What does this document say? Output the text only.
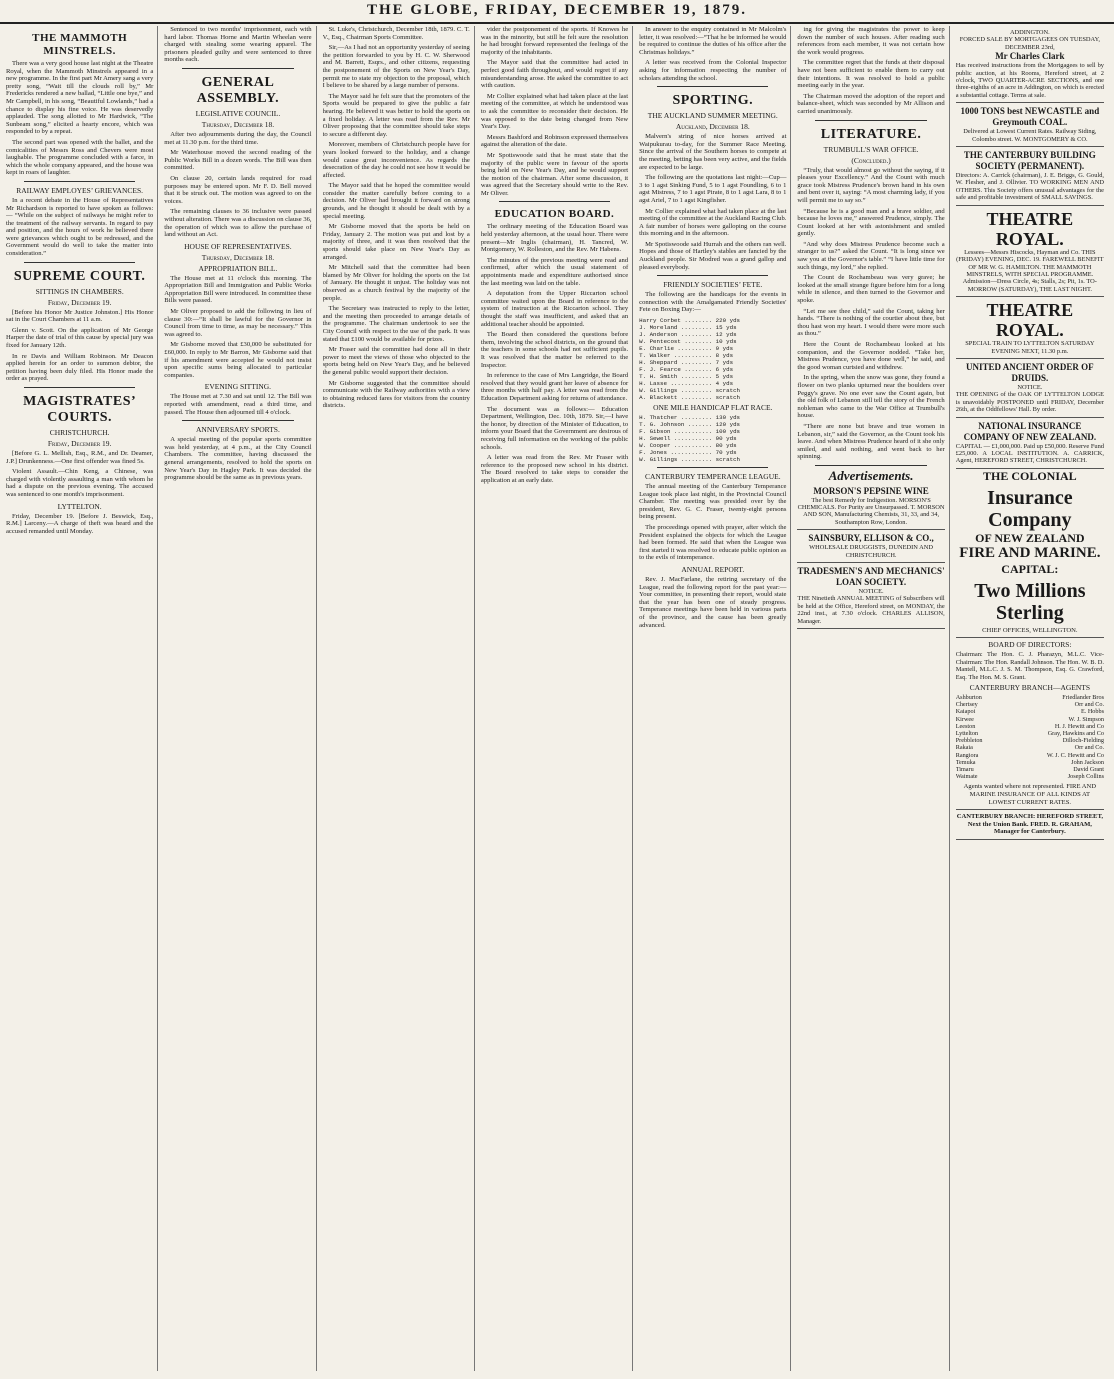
THE GLOBE, FRIDAY, DECEMBER 19, 1879.
THE MAMMOTH MINSTRELS.

There was a very good house last night at the Theatre Royal, when the Mammoth Minstrels appeared in a new programme. In the first part Mr Amery sang a very pretty song, “Wait till the clouds roll by,” Mr Fredericks rendered a new ballad, “Little one bye,” and Mr Campbell, in his song, “Beautiful Lowlands,” had a chance to display his fine voice. He was deservedly applauded. The song allotted to Mr Hardwick, “The Sunbeam song,” elicited a hearty encore, which was responded to by a repeat.

The second part was opened with the ballet, and the comicalities of Messrs Ross and Chevers were most laughable. The programme concluded with a farce, in which the whole company appeared, and the house was kept in roars of laughter.

RAILWAY EMPLOYES’ GRIEVANCES.

In a recent debate in the House of Representatives Mr Richardson is reported to have spoken as follows:— “While on the subject of railways he might refer to the treatment of the railway servants. In regard to pay and position, and the hours of work he believed there were grievances which ought to be redressed, and the Government would do well to take the matter into consideration.”

SUPREME COURT.
SITTINGS IN CHAMBERS.
Friday, December 19.

[Before his Honor Mr Justice Johnston.] His Honor sat in the Court Chambers at 11 a.m.

Glenn v. Scott. On the application of Mr George Harper the date of trial of this cause by special jury was fixed for January 12th.

In re Davis and William Robinson. Mr Deacon applied herein for an order to summon debtor, the petition having been duly filed. His Honor made the order as prayed.

MAGISTRATES’ COURTS.
CHRISTCHURCH.
Friday, December 19.

[Before G. L. Mellish, Esq., R.M., and Dr. Deamer, J.P.] Drunkenness.—One first offender was fined 5s.

Violent Assault.—Chin Keng, a Chinese, was charged with violently assaulting a man with whom he had a dispute on the previous evening. The accused was sentenced to one month's imprisonment.

LYTTELTON.

Friday, December 19. [Before J. Beswick, Esq., R.M.] Larceny.—A charge of theft was heard and the accused remanded until Monday.

Sentenced to two months' imprisonment, each with hard labor. Thomas Horne and Martin Wheelan were charged with stealing some wearing apparel. The prisoners pleaded guilty and were sentenced to three months each.

GENERAL ASSEMBLY.
LEGISLATIVE COUNCIL.
Thursday, December 18.

After two adjournments during the day, the Council met at 11.30 p.m. for the third time.

Mr Waterhouse moved the second reading of the Public Works Bill in a dozen words. The Bill was then committed.

On clause 20, certain lands required for road purposes may be entered upon. Mr F. D. Bell moved that it be struck out. The motion was agreed to on the voices.

The remaining clauses to 36 inclusive were passed without alteration. There was a discussion on clause 36, the operation of which was to allow the purchase of land without an Act.

HOUSE OF REPRESENTATIVES.
Thursday, December 18.
APPROPRIATION BILL.

The House met at 11 o'clock this morning. The Appropriation Bill and Immigration and Public Works Appropriation Bill were introduced. In committee these Bills were passed.

Mr Oliver proposed to add the following in lieu of clause 30:—“It shall be lawful for the Governor in Council from time to time, as may be necessary.” This was agreed to.

Mr Gisborne moved that £30,000 be substituted for £60,000. In reply to Mr Barron, Mr Gisborne said that if his amendment were accepted he would not insist upon specific sums being allocated to particular companies.

EVENING SITTING.

The House met at 7.30 and sat until 12. The Bill was reported with amendment, read a third time, and passed. The House then adjourned till 4 o'clock.

ANNIVERSARY SPORTS.

A special meeting of the popular sports committee was held yesterday, at 4 p.m., at the City Council Chambers. The committee, having discussed the general arrangements, resolved to hold the sports on New Year's Day in Hagley Park. It was decided the programme should be the same as in previous years.

St. Luke's, Christchurch, December 18th, 1879. C. T. V., Esq., Chairman Sports Committee.

Sir,—As I had not an opportunity yesterday of seeing the petition forwarded to you by H. C. W. Sherwood and M. Barrett, Esqrs., and other citizens, requesting the postponement of the Sports on New Year's Day, permit me to state my objection to the proposal, which I believe to be shared by a large number of persons.

The Mayor said he felt sure that the promoters of the Sports would be prepared to give the public a fair hearing. He believed it was better to hold the sports on a fixed holiday. A letter was read from the Rev. Mr Oliver proposing that the committee should take steps to secure a different day.

Moreover, members of Christchurch people have for years looked forward to the holiday, and a change would cause great inconvenience. As regards the desecration of the day he could not see how it would be affected.

The Mayor said that he hoped the committee would consider the matter carefully before coming to a decision. Mr Oliver had brought it forward on strong grounds, and he thought it should be dealt with by a special meeting.

Mr Gisborne moved that the sports be held on Friday, January 2. The motion was put and lost by a majority of three, and it was then resolved that the sports should take place on New Year's Day as arranged.

Mr Mitchell said that the committee had been blamed by Mr Oliver for holding the sports on the 1st of January. He thought it unjust. The holiday was not observed as a church festival by the majority of the people.

The Secretary was instructed to reply to the letter, and the meeting then proceeded to arrange details of the programme. The chairman undertook to see the City Council with respect to the use of the park. It was stated that £100 would be available for prizes.

Mr Fraser said the committee had done all in their power to meet the views of those who objected to the sports being held on New Year's Day, and he believed the general public would support their decision.

Mr Gisborne suggested that the committee should communicate with the Railway authorities with a view to obtaining reduced fares for visitors from the country districts.

vider the postponement of the sports. If Knowes he was in the minority, but still he felt sure the resolution he had brought forward represented the feelings of the majority of the inhabitants.

The Mayor said that the committee had acted in perfect good faith throughout, and would regret if any misunderstanding arose. He asked the committee to act with caution.

Mr Collier explained what had taken place at the last meeting of the committee, at which he understood was to ask the committee to reconsider their decision. He was opposed to the date being changed from New Year's Day.

Messrs Bashford and Robinson expressed themselves against the alteration of the date.

Mr Spotiswoode said that he must state that the majority of the public were in favour of the sports being held on New Year's Day, and he would support the motion of the chairman. After some discussion, it was agreed that the Secretary should write to the Rev. Mr Oliver.

EDUCATION BOARD.

The ordinary meeting of the Education Board was held yesterday afternoon, at the usual hour. There were present—Mr Inglis (chairman), H. Tancred, W. Montgomery, W. Rolleston, and the Rev. Mr Habens.

The minutes of the previous meeting were read and confirmed, after which the usual statement of appointments made and expenditure authorised since the last meeting was laid on the table.

A deputation from the Upper Riccarton school committee waited upon the Board in reference to the system of instruction at the Riccarton school. They thought the staff was insufficient, and asked that an additional teacher should be appointed.

The Board then considered the questions before them, involving the school districts, on the ground that the teachers in some schools had not sufficient pupils. It was resolved that the matter be referred to the Inspector.

In reference to the case of Mrs Langridge, the Board resolved that they would grant her leave of absence for three months with half pay. A letter was read from the Education Department asking for returns of attendance.

The document was as follows:— Education Department, Wellington, Dec. 10th, 1879. Sir,—I have the honor, by direction of the Minister of Education, to inform your Board that the Government are desirous of receiving full information on the working of the public schools.

A letter was read from the Rev. Mr Fraser with reference to the proposed new school in his district. The Board resolved to take steps to consider the application at an early date.

In answer to the enquiry contained in Mr Malcolm's letter, it was resolved:—“That he be informed he would be required to continue the duties of his office after the Christmas holidays.”

A letter was received from the Colonial Inspector asking for information respecting the number of scholars attending the school.

SPORTING.
THE AUCKLAND SUMMER MEETING.
Auckland, December 18.

Malvern's string of nice horses arrived at Waipukurau to-day, for the Summer Race Meeting. Since the arrival of the Southern horses to compete at the meeting, betting has been very active, and the fields are expected to be large.

The following are the quotations last night:—Cup—3 to 1 agst Sinking Fund, 5 to 1 agst Foundling, 6 to 1 agst Mistress, 7 to 1 agst Pirate, 8 to 1 agst Lara, 8 to 1 agst Ariel, 7 to 1 agst Kingfisher.

Mr Collier explained what had taken place at the last meeting of the committee at the Auckland Racing Club. A fair number of horses were galloping on the course this morning and in the afternoon.

Mr Spotiswoode said Hurrah and the others ran well. Hopes and those of Hartley's stables are fancied by the Auckland people. Sir Modred was a grand gallop and pleased everybody.

FRIENDLY SOCIETIES’ FETE.

The following are the handicaps for the events in connection with the Amalgamated Friendly Societies' Fete on Boxing Day:—

Harry Corbet ........ 220 yds
J. Moreland ......... 15 yds
J. Anderson ......... 12 yds
W. Pentecost ........ 10 yds
E. Charlie .......... 9 yds
T. Walker ........... 8 yds
H. Sheppard ......... 7 yds
F. J. Fearce ........ 6 yds
T. H. Smith ......... 5 yds
H. Lasse ............ 4 yds
W. Gillings ......... scratch
A. Blackett ......... scratch
ONE MILE HANDICAP FLAT RACE.
H. Thatcher ......... 130 yds
T. G. Johnson ....... 120 yds
F. Gibson ........... 100 yds
H. Sewell ........... 90 yds
W. Cooper ........... 80 yds
F. Jones ............ 70 yds
W. Gillings ......... scratch
CANTERBURY TEMPERANCE LEAGUE.

The annual meeting of the Canterbury Temperance League took place last night, in the Provincial Council Chamber. The meeting was presided over by the president, Rev. G. C. Fraser, twenty-eight persons being present.

The proceedings opened with prayer, after which the President explained the objects for which the League had been formed. He said that when the League was first started it was resolved to educate public opinion as to the evils of intemperance.

ANNUAL REPORT.

Rev. J. MacFarlane, the retiring secretary of the League, read the following report for the past year:— Your committee, in presenting their report, would state that the year has been one of steady progress. Temperance meetings have been held in various parts of the province, and the cause has been greatly advanced.

ing for giving the magistrates the power to keep down the number of such houses. After reading such references from each member, it was not certain how the work would progress.

The committee regret that the funds at their disposal have not been sufficient to enable them to carry out their intentions. It was resolved to hold a public meeting early in the year.

The Chairman moved the adoption of the report and balance-sheet, which was seconded by Mr Allison and carried unanimously.

LITERATURE.
TRUMBULL'S WAR OFFICE.
(Concluded.)

“Truly, that would almost go without the saying, if it pleases your Excellency.” And the Count with much grace took Mistress Prudence's brown hand in his own and bent over it, saying: “A most charming lady, if you will permit me to say so.”

“Because he is a good man and a brave soldier, and because he loves me,” answered Prudence, simply. The Count looked at her with astonishment and smiled gently.

“And why does Mistress Prudence become such a stranger to us?” asked the Count. “It is long since we saw you at the Governor's table.” “I have little time for such things, my lord,” she replied.

The Count de Rochambeau was very grave; he looked at the small strange figure before him for a long while in silence, and then turned to the Governor and spoke.

“Let me see thee child,” said the Count, taking her hands. “There is nothing of the courtier about thee, but thou hast won my heart. I would there were more such as thou.”

Here the Count de Rochambeau looked at his companion, and the Governor nodded. “Take her, Mistress Prudence, you have done well,” he said, and the good woman curtsied and withdrew.

In the spring, when the snow was gone, they found a flower on two planks upturned near the boulders over Peggy's grave. No one ever saw the Count again, but the old folk of Lebanon still tell the story of the French nobleman who came to the War Office at Trumbull's house.

“There are none but brave and true women in Lebanon, sir,” said the Governor, as the Count took his leave. And when Mistress Prudence heard of it she only smiled, and said nothing, and went back to her spinning.

Advertisements.
MORSON'S PEPSINE WINE
The best Remedy for Indigestion. MORSON'S CHEMICALS. For Purity are Unsurpassed. T. MORSON AND SON, Manufacturing Chemists, 31, 33, and 34, Southampton Row, London.
SAINSBURY, ELLISON & CO.,
WHOLESALE DRUGGISTS, DUNEDIN AND CHRISTCHURCH.
TRADESMEN'S AND MECHANICS' LOAN SOCIETY.
NOTICE.
THE Ninetieth ANNUAL MEETING of Subscribers will be held at the Office, Hereford street, on MONDAY, the 22nd inst., at 7.30 o'clock. CHARLES ALLISON, Manager.
ADDINGTON.
FORCED SALE BY MORTGAGEES ON TUESDAY, DECEMBER 23rd,
Mr Charles Clark
Has received instructions from the Mortgagees to sell by public auction, at his Rooms, Hereford street, at 2 o'clock, TWO QUARTER-ACRE SECTIONS, and one three-eighths of an acre in Addington, on which is erected a substantial cottage. Terms at sale.
1000 TONS best NEWCASTLE and Greymouth COAL.
Delivered at Lowest Current Rates. Railway Siding, Colombo street. W. MONTGOMERY & CO.
THE CANTERBURY BUILDING SOCIETY (PERMANENT).
Directors: A. Carrick (chairman), J. E. Briggs, G. Gould, W. Flesher, and J. Ollivier. TO WORKING MEN AND OTHERS. This Society offers unusual advantages for the safe and profitable investment of SMALL SAVINGS.
THEATRE ROYAL.
Lessees—Messrs Hiscocks, Hayman and Co. THIS (FRIDAY) EVENING, DEC. 19. FAREWELL BENEFIT OF MR W. G. HAMILTON. THE MAMMOTH MINSTRELS, WITH SPECIAL PROGRAMME.
Admission—Dress Circle, 4s; Stalls, 2s; Pit, 1s. TO-MORROW (SATURDAY), THE LAST NIGHT.
THEATRE ROYAL.
SPECIAL TRAIN TO LYTTELTON SATURDAY EVENING NEXT, 11.30 p.m.
UNITED ANCIENT ORDER OF DRUIDS.
NOTICE.
THE OPENING of the OAK OF LYTTELTON LODGE is unavoidably POSTPONED until FRIDAY, December 26th, at the Oddfellows' Hall. By order.
NATIONAL INSURANCE COMPANY OF NEW ZEALAND.
CAPITAL — £1,000,000. Paid up £50,000. Reserve Fund £25,000. A LOCAL INSTITUTION. A. CARRICK, Agent, HEREFORD STREET, CHRISTCHURCH.
THE COLONIAL
Insurance Company
OF NEW ZEALAND
FIRE AND MARINE.
CAPITAL:
Two Millions Sterling
CHIEF OFFICES, WELLINGTON.
BOARD OF DIRECTORS:
Chairman: The Hon. C. J. Pharazyn, M.L.C. Vice-Chairman: The Hon. Randall Johnson. The Hon. W. B. D. Mantell, M.L.C. J. S. M. Thompson, Esq. G. Crawford, Esq. The Hon. M. S. Grant.
CANTERBURY BRANCH—AGENTS
Ashburton	Friedlander Bros
Chertsey	Orr and Co.
Kaiapoi	E. Hobbs
Kirwee	W. J. Simpson
Leeston	H. J. Hewitt and Co
Lyttelton	Gray, Hawkins and Co
Prebbleton	Dilloch-Fielding
Rakaia	Orr and Co.
Rangiora	W. J. C. Hewitt and Co
Temuka	John Jackson
Timaru	David Grant
Waimate	Joseph Collins
Agents wanted where not represented. FIRE AND MARINE INSURANCE OF ALL KINDS AT LOWEST CURRENT RATES.
CANTERBURY BRANCH: HEREFORD STREET, Next the Union Bank. FRED. R. GRAHAM, Manager for Canterbury.
